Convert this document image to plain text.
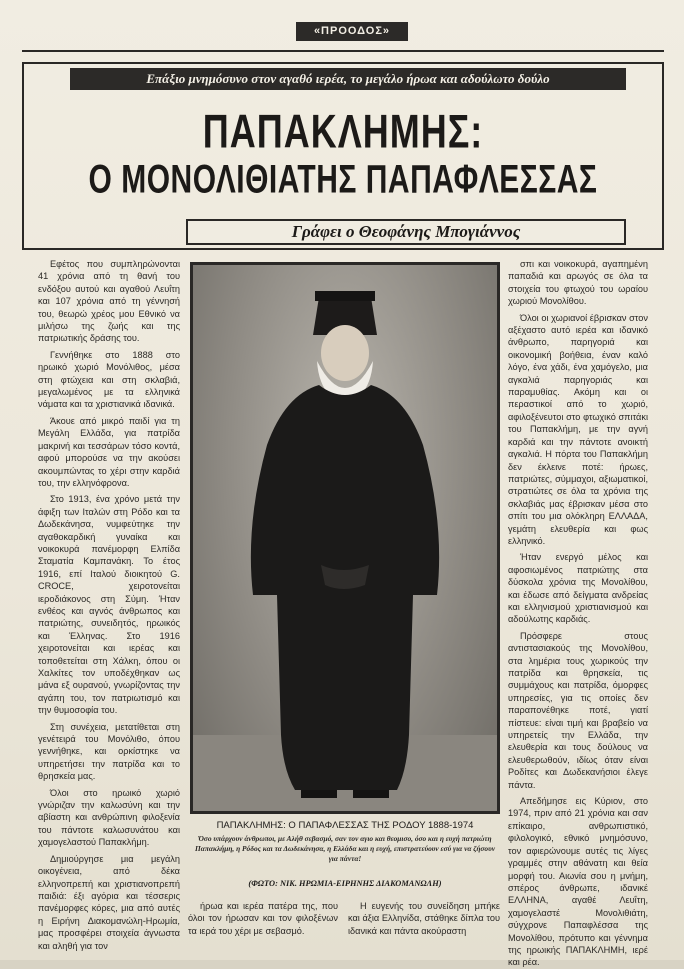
«ΠΡΟΟΔΟΣ»
Επάξιο μνημόσυνο στον αγαθό ιερέα, το μεγάλο ήρωα και αδούλωτο δούλο
ΠΑΠΑΚΛΗΜΗΣ:
Ο ΜΟΝΟΛΙΘΙΑΤΗΣ ΠΑΠΑΦΛΕΣΣΑΣ
Γράφει ο Θεοφάνης Μπογιάννος

Εφέτος που συμπληρώνονται 41 χρόνια από τη θανή του ενδόξου αυτού και αγαθού Λευΐτη και 107 χρόνια από τη γέννησή του, θεωρώ χρέος μου Εθνικό να μιλήσω της ζωής και της πατριωτικής δράσης του.

Γεννήθηκε στο 1888 στο ηρωικό χωριό Μονόλιθος, μέσα στη φτώχεια και στη σκλαβιά, μεγαλωμένος με τα ελληνικά νάματα και τα χριστιανικά ιδανικά.

Άκουε από μικρό παιδί για τη Μεγάλη Ελλάδα, για πατρίδα μακρινή και τεσσάρων τόσο κοντά, αφού μπορούσε να την ακούσει ακουμπώντας το χέρι στην καρδιά του, την ελληνόφρονα.

Στο 1913, ένα χρόνο μετά την άφιξη των Ιταλών στη Ρόδο και τα Δωδεκάνησα, νυμφεύτηκε την αγαθοκαρδική γυναίκα και νοικοκυρά πανέμορφη Ελπίδα Σταματία Καμπανάκη. Το έτος 1916, επί Ιταλού διοικητού G. CROCE, χειροτονείται ιεροδιάκονος στη Σύμη. Ήταν ενθέος και αγνός άνθρωπος και πατριώτης, συνειδητός, ηρωικός και Έλληνας. Στο 1916 χειροτονείται και ιερέας και τοποθετείται στη Χάλκη, όπου οι Χαλκίτες τον υποδέχθηκαν ως μάνα εξ ουρανού, γνωρίζοντας την αγάπη του, τον πατριωτισμό και την θυμοσοφία του.

Στη συνέχεια, μετατίθεται στη γενέτειρά του Μονόλιθο, όπου γεννήθηκε, και ορκίστηκε να υπηρετήσει την πατρίδα και το θρησκεία μας.

Όλοι στο ηρωικό χωριό γνώριζαν την καλωσύνη και την αβίαστη και ανθρώπινη φιλοξενία του πάντοτε καλωσυνάτου και χαμογελαστού Παπακλήμη.

Δημιούργησε μια μεγάλη οικογένεια, από δέκα ελληνοπρεπή και χριστιανοπρεπή παιδιά: έξι αγόρια και τέσσερις πανέμορφες κόρες, μια από αυτές η Ειρήνη Διακομανώλη-Ηρωμία, μας προσφέρει στοιχεία άγνωστα και αληθή για τον

ΠΑΠΑΚΛΗΜΗΣ: Ο ΠΑΠΑΦΛΕΣΣΑΣ ΤΗΣ ΡΟΔΟΥ 1888-1974
Όσο υπάρχουν άνθρωποι, με Αλήθ σεβασμό, σαν τον αγιο και θεομισο, όσο και η ευχή πατριώτη Παπακλήμη, η Ρόδος και τα Δωδεκάνησα, η Ελλάδα και η ευχή, επιστρατεύουν εσύ για να ζήσουν για πάντα!
(ΦΩΤΟ: ΝΙΚ. ΗΡΩΜΙΑ-ΕΙΡΗΝΗΣ ΔΙΑΚΟΜΑΝΩΛΗ)

ήρωα και ιερέα πατέρα της, που όλοι τον ήρωσαν και τον φιλοξένων τα ιερά του χέρι με σεβασμό.

Η ευγενής του συνείδηση μπήκε και άξια Ελληνίδα, στάθηκε δίπλα του ιδανικά και πάντα ακούραστη

σπι και νοικοκυρά, αγαπημένη παπαδιά και αρωγός σε όλα τα στοιχεία του φτωχού του ωραίου χωριού Μονολίθου.

Όλοι οι χωριανοί έβρισκαν στον αξέχαστο αυτό ιερέα και ιδανικό άνθρωπο, παρηγοριά και οικονομική βοήθεια, έναν καλό λόγο, ένα χάδι, ένα χαμόγελο, μια αγκαλιά παρηγοριάς και παραμυθίας. Ακόμη και οι περαστικοί από το χωριό, αφιλοξένευτοι στο φτωχικό σπιτάκι του Παπακλήμη, με την αγνή καρδιά και την πάντοτε ανοικτή αγκαλιά. Η πόρτα του Παπακλήμη δεν έκλεινε ποτέ: ήρωες, πατριώτες, σύμμαχοι, αξιωματικοί, στρατιώτες σε όλα τα χρόνια της σκλαβιάς μας έβρισκαν μέσα στο σπίτι του μια ολόκληρη ΕΛΛΑΔΑ, γεμάτη ελευθερία και φως ελληνικό.

Ήταν ενεργό μέλος και αφοσιωμένος πατριώτης στα δύσκολα χρόνια της Μονολίθου, και έδωσε από δείγματα ανδρείας και ελληνισμού χριστιανισμού και αδούλωτης καρδιάς.

Πρόσφερε στους αντιστασιακούς της Μονολίθου, στα λημέρια τους χωρικούς την πατρίδα και θρησκεία, τις συμμάχους και πατρίδα, όμορφες υπηρεσίες, για τις οποίες δεν παραπονέθηκε ποτέ, γιατί πίστευε: είναι τιμή και βραβείο να υπηρετείς την Ελλάδα, την ελευθερία και τους δούλους να ελευθερωθούν, ιδίως όταν είναι Ροδίτες και Δωδεκανήσιοι έλεγε πάντα.

Απεδήμησε εις Κύριον, στο 1974, πριν από 21 χρόνια και σαν επίκαιρο, ανθρωπιστικό, φιλολογικό, εθνικό μνημόσυνο, τον αφιερώνουμε αυτές τις λίγες γραμμές στην αθάνατη και θεία μορφή του. Αιωνία σου η μνήμη, σπέρος άνθρωπε, ιδανικέ ΕΛΛΗΝΑ, αγαθέ Λευΐτη, χαμογελαστέ Μονολιθιάτη, σύγχρονε Παπαφλέσσα της Μονολίθου, πρότυπο και γέννημα της ηρωικής ΠΑΠΑΚΛΗΜΗ, ιερέ και ρέα.
